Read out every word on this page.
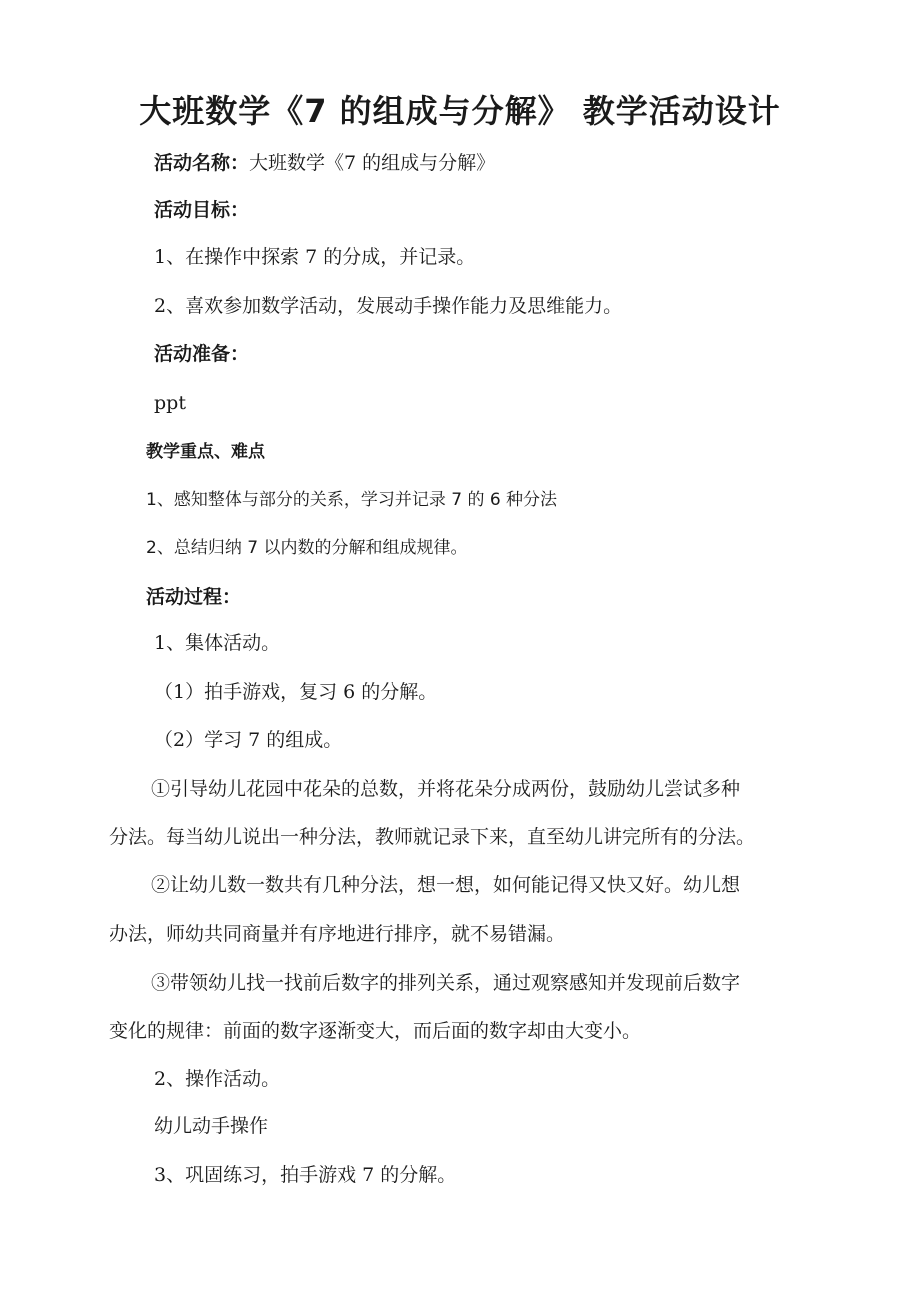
大班数学《7 的组成与分解》 教学活动设计
活动名称：大班数学《7 的组成与分解》
活动目标：
1、在操作中探索 7 的分成，并记录。
2、喜欢参加数学活动，发展动手操作能力及思维能力。
活动准备：
ppt
教学重点、难点
1、感知整体与部分的关系，学习并记录 7 的 6 种分法
2、总结归纳 7 以内数的分解和组成规律。
活动过程：
1、集体活动。
（1）拍手游戏，复习 6 的分解。
（2）学习 7 的组成。
①引导幼儿花园中花朵的总数，并将花朵分成两份，鼓励幼儿尝试多种
分法。每当幼儿说出一种分法，教师就记录下来，直至幼儿讲完所有的分法。
②让幼儿数一数共有几种分法，想一想，如何能记得又快又好。幼儿想
办法，师幼共同商量并有序地进行排序，就不易错漏。
③带领幼儿找一找前后数字的排列关系，通过观察感知并发现前后数字
变化的规律：前面的数字逐渐变大，而后面的数字却由大变小。
2、操作活动。
幼儿动手操作
3、巩固练习，拍手游戏 7 的分解。
